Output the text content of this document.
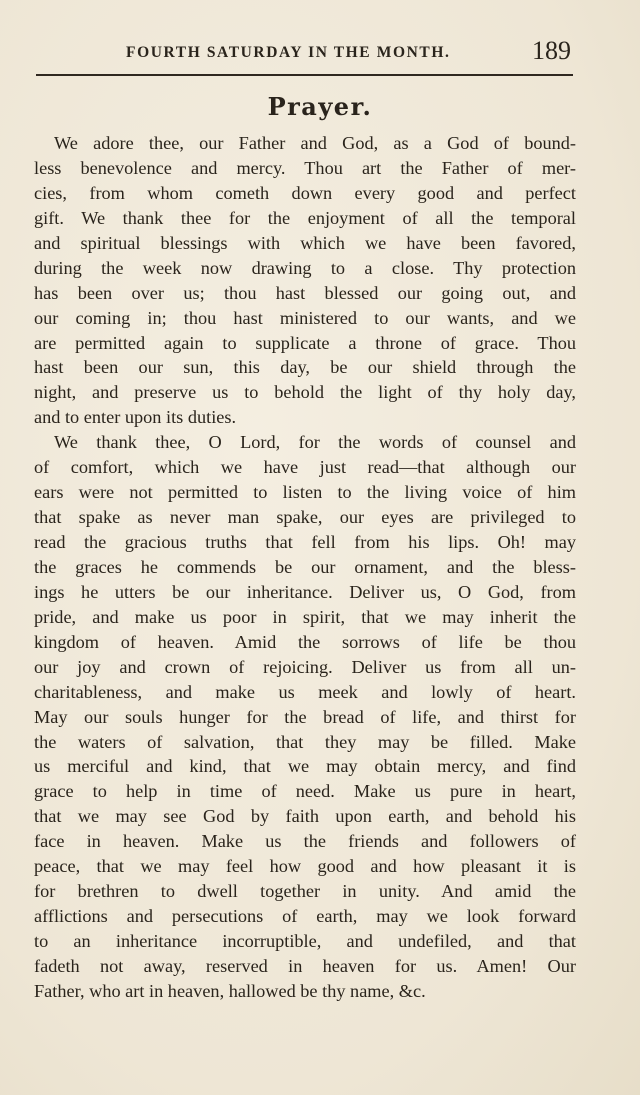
FOURTH SATURDAY IN THE MONTH.	189
Prayer.
We adore thee, our Father and God, as a God of bound-
less benevolence and mercy. Thou art the Father of mer-
cies, from whom cometh down every good and perfect
gift. We thank thee for the enjoyment of all the temporal
and spiritual blessings with which we have been favored,
during the week now drawing to a close. Thy protection
has been over us; thou hast blessed our going out, and
our coming in; thou hast ministered to our wants, and we
are permitted again to supplicate a throne of grace. Thou
hast been our sun, this day, be our shield through the
night, and preserve us to behold the light of thy holy day,
and to enter upon its duties.
We thank thee, O Lord, for the words of counsel and
of comfort, which we have just read—that although our
ears were not permitted to listen to the living voice of him
that spake as never man spake, our eyes are privileged to
read the gracious truths that fell from his lips. Oh! may
the graces he commends be our ornament, and the bless-
ings he utters be our inheritance. Deliver us, O God, from
pride, and make us poor in spirit, that we may inherit the
kingdom of heaven. Amid the sorrows of life be thou
our joy and crown of rejoicing. Deliver us from all un-
charitableness, and make us meek and lowly of heart.
May our souls hunger for the bread of life, and thirst for
the waters of salvation, that they may be filled. Make
us merciful and kind, that we may obtain mercy, and find
grace to help in time of need. Make us pure in heart,
that we may see God by faith upon earth, and behold his
face in heaven. Make us the friends and followers of
peace, that we may feel how good and how pleasant it is
for brethren to dwell together in unity. And amid the
afflictions and persecutions of earth, may we look forward
to an inheritance incorruptible, and undefiled, and that
fadeth not away, reserved in heaven for us. Amen! Our
Father, who art in heaven, hallowed be thy name, &c.
